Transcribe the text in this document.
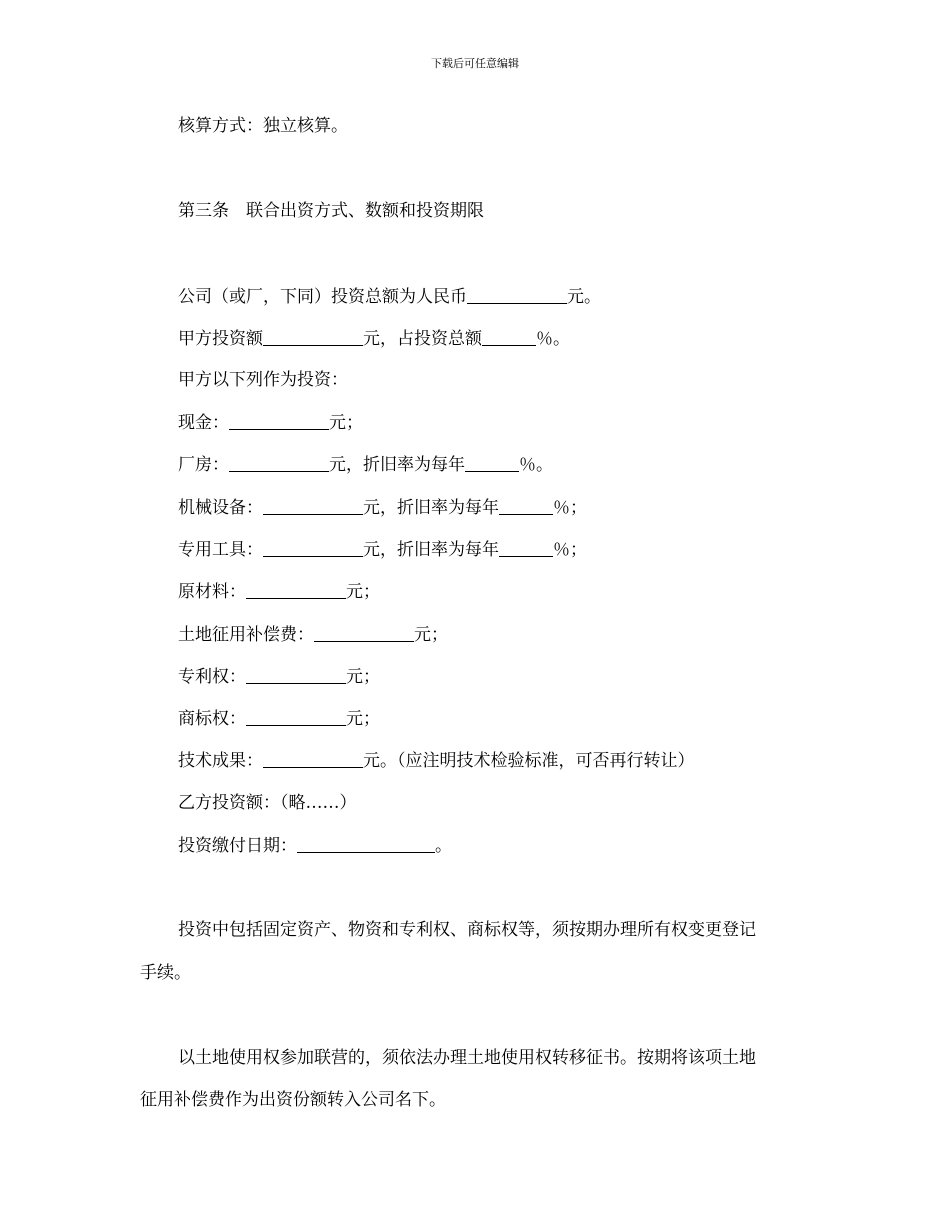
下载后可任意编辑
核算方式：独立核算。
第三条 联合出资方式、数额和投资期限
公司（或厂，下同）投资总额为人民币	元。
甲方投资额	元，占投资总额	％。
甲方以下列作为投资：
现金：	元；
厂房：	元，折旧率为每年	％。
机械设备：	元，折旧率为每年	％；
专用工具：	元，折旧率为每年	％；
原材料：	元；
土地征用补偿费：	元；
专利权：	元；
商标权：	元；
技术成果：	元。（应注明技术检验标准，可否再行转让）
乙方投资额：（略……）
投资缴付日期：	。
投资中包括固定资产、物资和专利权、商标权等，须按期办理所有权变更登记
手续。
以土地使用权参加联营的，须依法办理土地使用权转移征书。按期将该项土地
征用补偿费作为出资份额转入公司名下。
